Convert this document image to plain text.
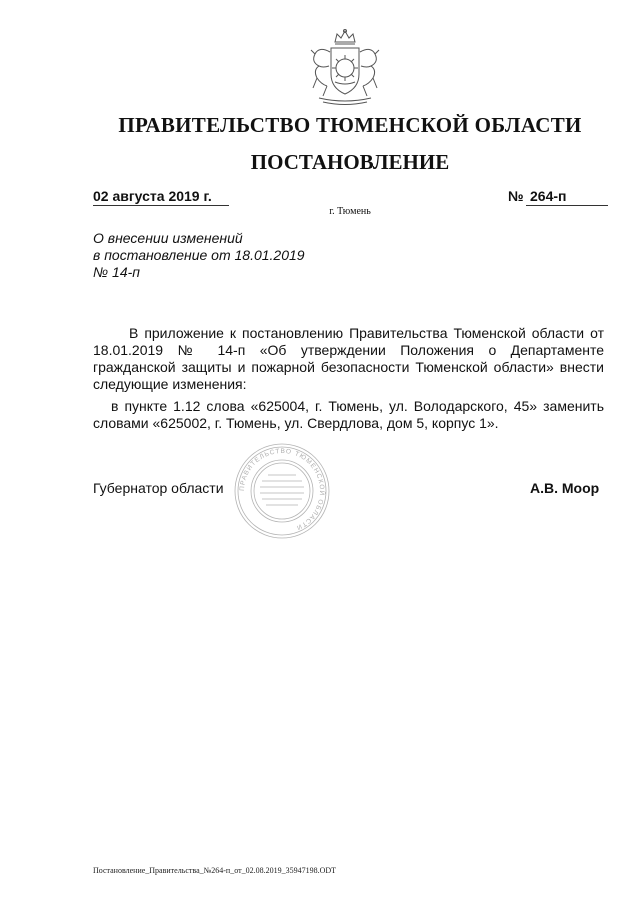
ПРАВИТЕЛЬСТВО ТЮМЕНСКОЙ ОБЛАСТИ
ПОСТАНОВЛЕНИЕ
02 августа 2019 г.	№ 264-п
г. Тюмень
О внесении изменений
в постановление от 18.01.2019
№ 14-п
В приложение к постановлению Правительства Тюменской области от 18.01.2019 № 14-п «Об утверждении Положения о Департаменте гражданской защиты и пожарной безопасности Тюменской области» внести следующие изменения:
в пункте 1.12 слова «625004, г. Тюмень, ул. Володарского, 45» заменить словами «625002, г. Тюмень, ул. Свердлова, дом 5, корпус 1».
ПРАВИТЕЛЬСТВО ТЮМЕНСКОЙ ОБЛАСТИ
Губернатор области	А.В. Моор
Постановление_Правительства_№264-п_от_02.08.2019_35947198.ODT
